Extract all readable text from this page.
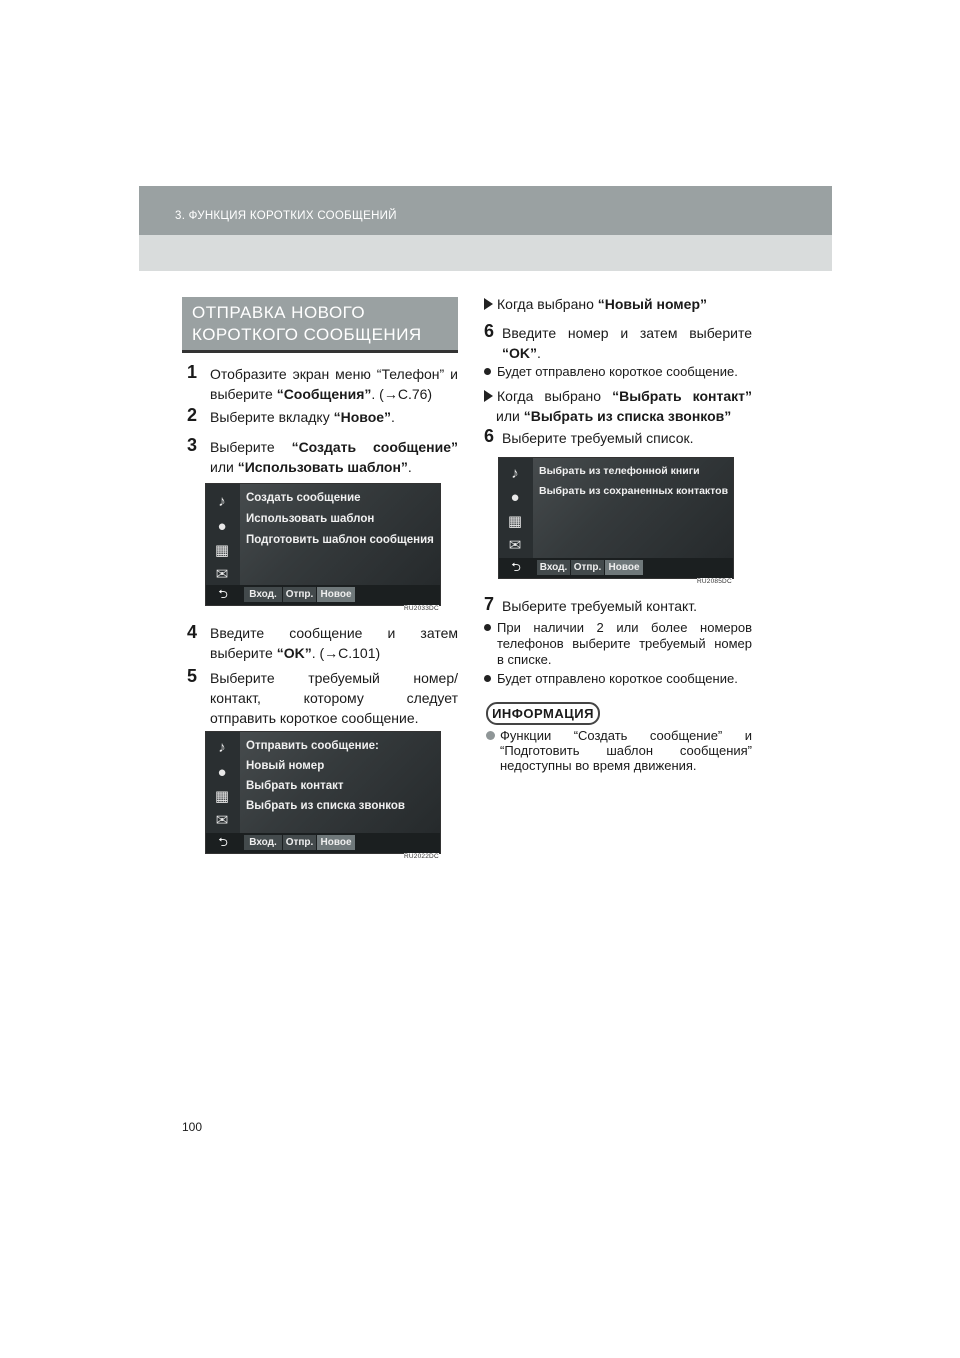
3. ФУНКЦИЯ КОРОТКИХ СООБЩЕНИЙ
ОТПРАВКА НОВОГО
КОРОТКОГО СООБЩЕНИЯ
1 Отобразите экран меню “Телефон” и
выберите “Сообщения”. (→C.76)
2 Выберите вкладку “Новое”.
3 Выберите “Создать сообщение”
или “Использовать шаблон”.
♪
●
▦
✉
Создать сообщение
Использовать шаблон
Подготовить шаблон сообщения
⮌	Вход. Отпр. Новое
RU2033DC
4 Введите сообщение и затем
выберите “OK”. (→C.101)
5 Выберите требуемый номер/
контакт, которому следует
отправить короткое сообщение.
♪
●
▦
✉
Отправить сообщение:
Новый номер
Выбрать контакт
Выбрать из списка звонков
⮌	Вход. Отпр. Новое
RU2022DC
Когда выбрано “Новый номер”
6 Введите номер и затем выберите
“OK”.
Будет отправлено короткое сообщение.
Когда выбрано “Выбрать контакт”
или “Выбрать из списка звонков”
6 Выберите требуемый список.
♪
●
▦
✉
Выбрать из телефонной книги
Выбрать из сохраненных контактов
⮌	Вход. Отпр. Новое
RU2085DC
7 Выберите требуемый контакт.
При наличии 2 или более номеров
телефонов выберите требуемый номер
в списке.
Будет отправлено короткое сообщение.
ИНФОРМАЦИЯ
Функции “Создать сообщение” и
“Подготовить шаблон сообщения”
недоступны во время движения.
100
